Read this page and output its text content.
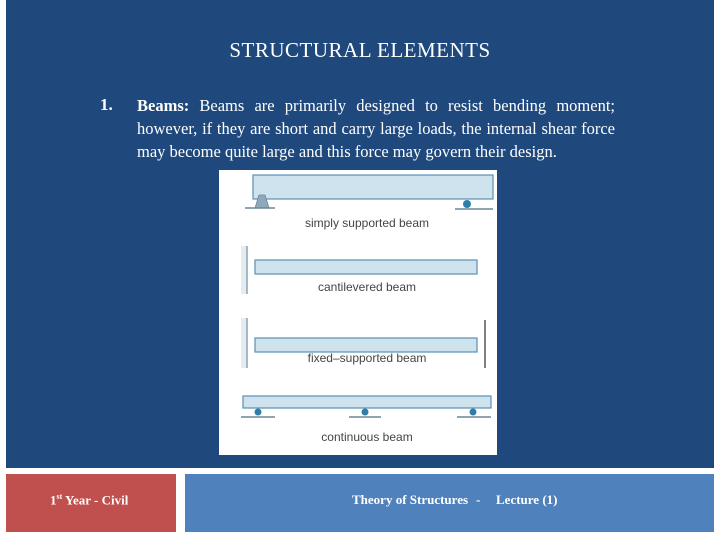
STRUCTURAL ELEMENTS
1. Beams: Beams are primarily designed to resist bending moment; however, if they are short and carry large loads, the internal shear force may become quite large and this force may govern their design.
simply supported beam
cantilevered beam
fixed–supported beam
continuous beam
1st Year - Civil	Theory of Structures - Lecture (1)
